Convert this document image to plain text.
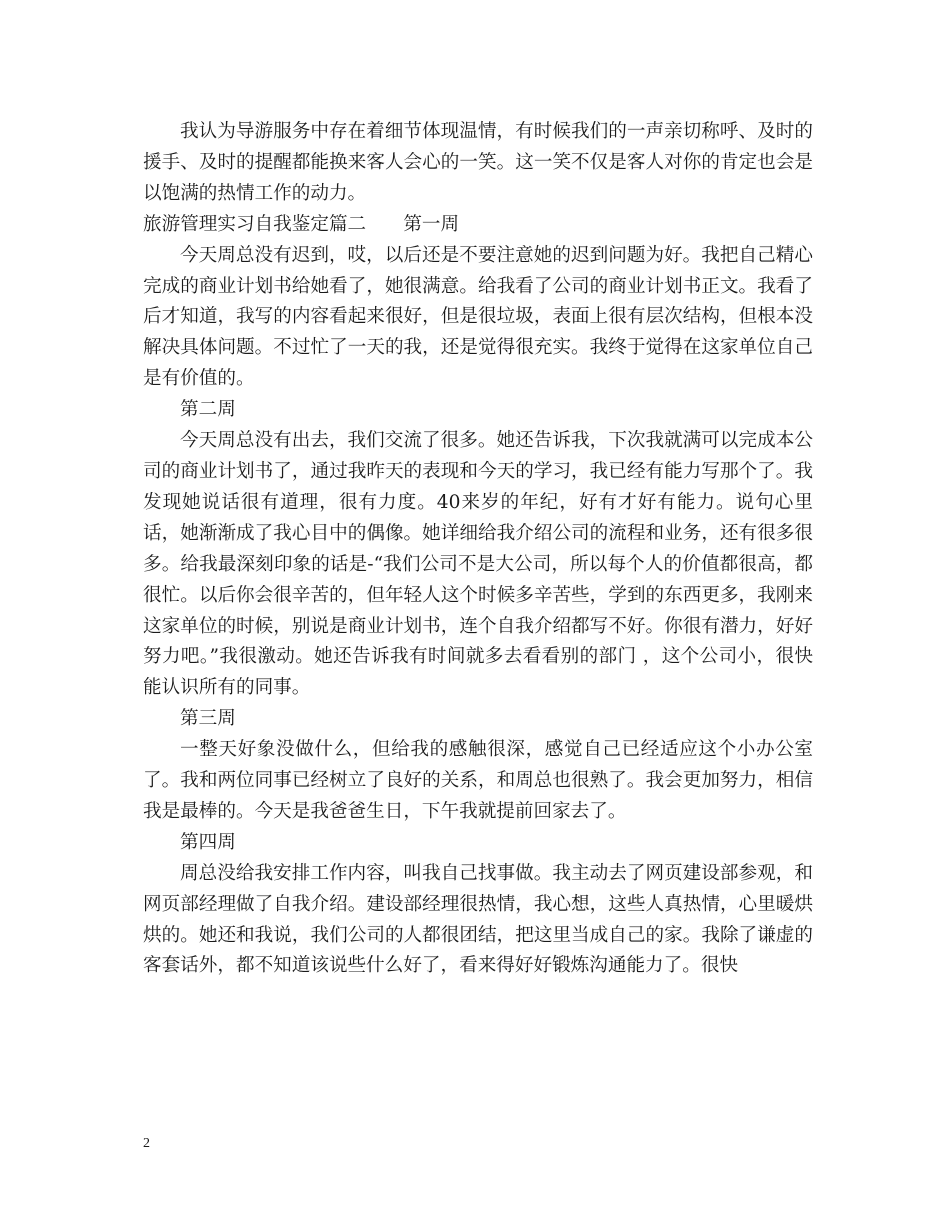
我认为导游服务中存在着细节体现温情，有时候我们的一声亲切称呼、及时的援手、及时的提醒都能换来客人会心的一笑。这一笑不仅是客人对你的肯定也会是以饱满的热情工作的动力。

旅游管理实习自我鉴定篇二　　第一周

今天周总没有迟到，哎，以后还是不要注意她的迟到问题为好。我把自己精心完成的商业计划书给她看了，她很满意。给我看了公司的商业计划书正文。我看了后才知道，我写的内容看起来很好，但是很垃圾，表面上很有层次结构，但根本没解决具体问题。不过忙了一天的我，还是觉得很充实。我终于觉得在这家单位自己是有价值的。

第二周

今天周总没有出去，我们交流了很多。她还告诉我，下次我就满可以完成本公司的商业计划书了，通过我昨天的表现和今天的学习，我已经有能力写那个了。我发现她说话很有道理，很有力度。40来岁的年纪，好有才好有能力。说句心里话，她渐渐成了我心目中的偶像。她详细给我介绍公司的流程和业务，还有很多很多。给我最深刻印象的话是-“我们公司不是大公司，所以每个人的价值都很高，都很忙。以后你会很辛苦的，但年轻人这个时候多辛苦些，学到的东西更多，我刚来这家单位的时候，别说是商业计划书，连个自我介绍都写不好。你很有潜力，好好努力吧。”我很激动。她还告诉我有时间就多去看看别的部门 ，这个公司小，很快能认识所有的同事。

第三周

一整天好象没做什么，但给我的感触很深，感觉自己已经适应这个小办公室了。我和两位同事已经树立了良好的关系，和周总也很熟了。我会更加努力，相信我是最棒的。今天是我爸爸生日，下午我就提前回家去了。

第四周

周总没给我安排工作内容，叫我自己找事做。我主动去了网页建设部参观，和网页部经理做了自我介绍。建设部经理很热情，我心想，这些人真热情，心里暖烘烘的。她还和我说，我们公司的人都很团结，把这里当成自己的家。我除了谦虚的客套话外，都不知道该说些什么好了，看来得好好锻炼沟通能力了。很快

2
